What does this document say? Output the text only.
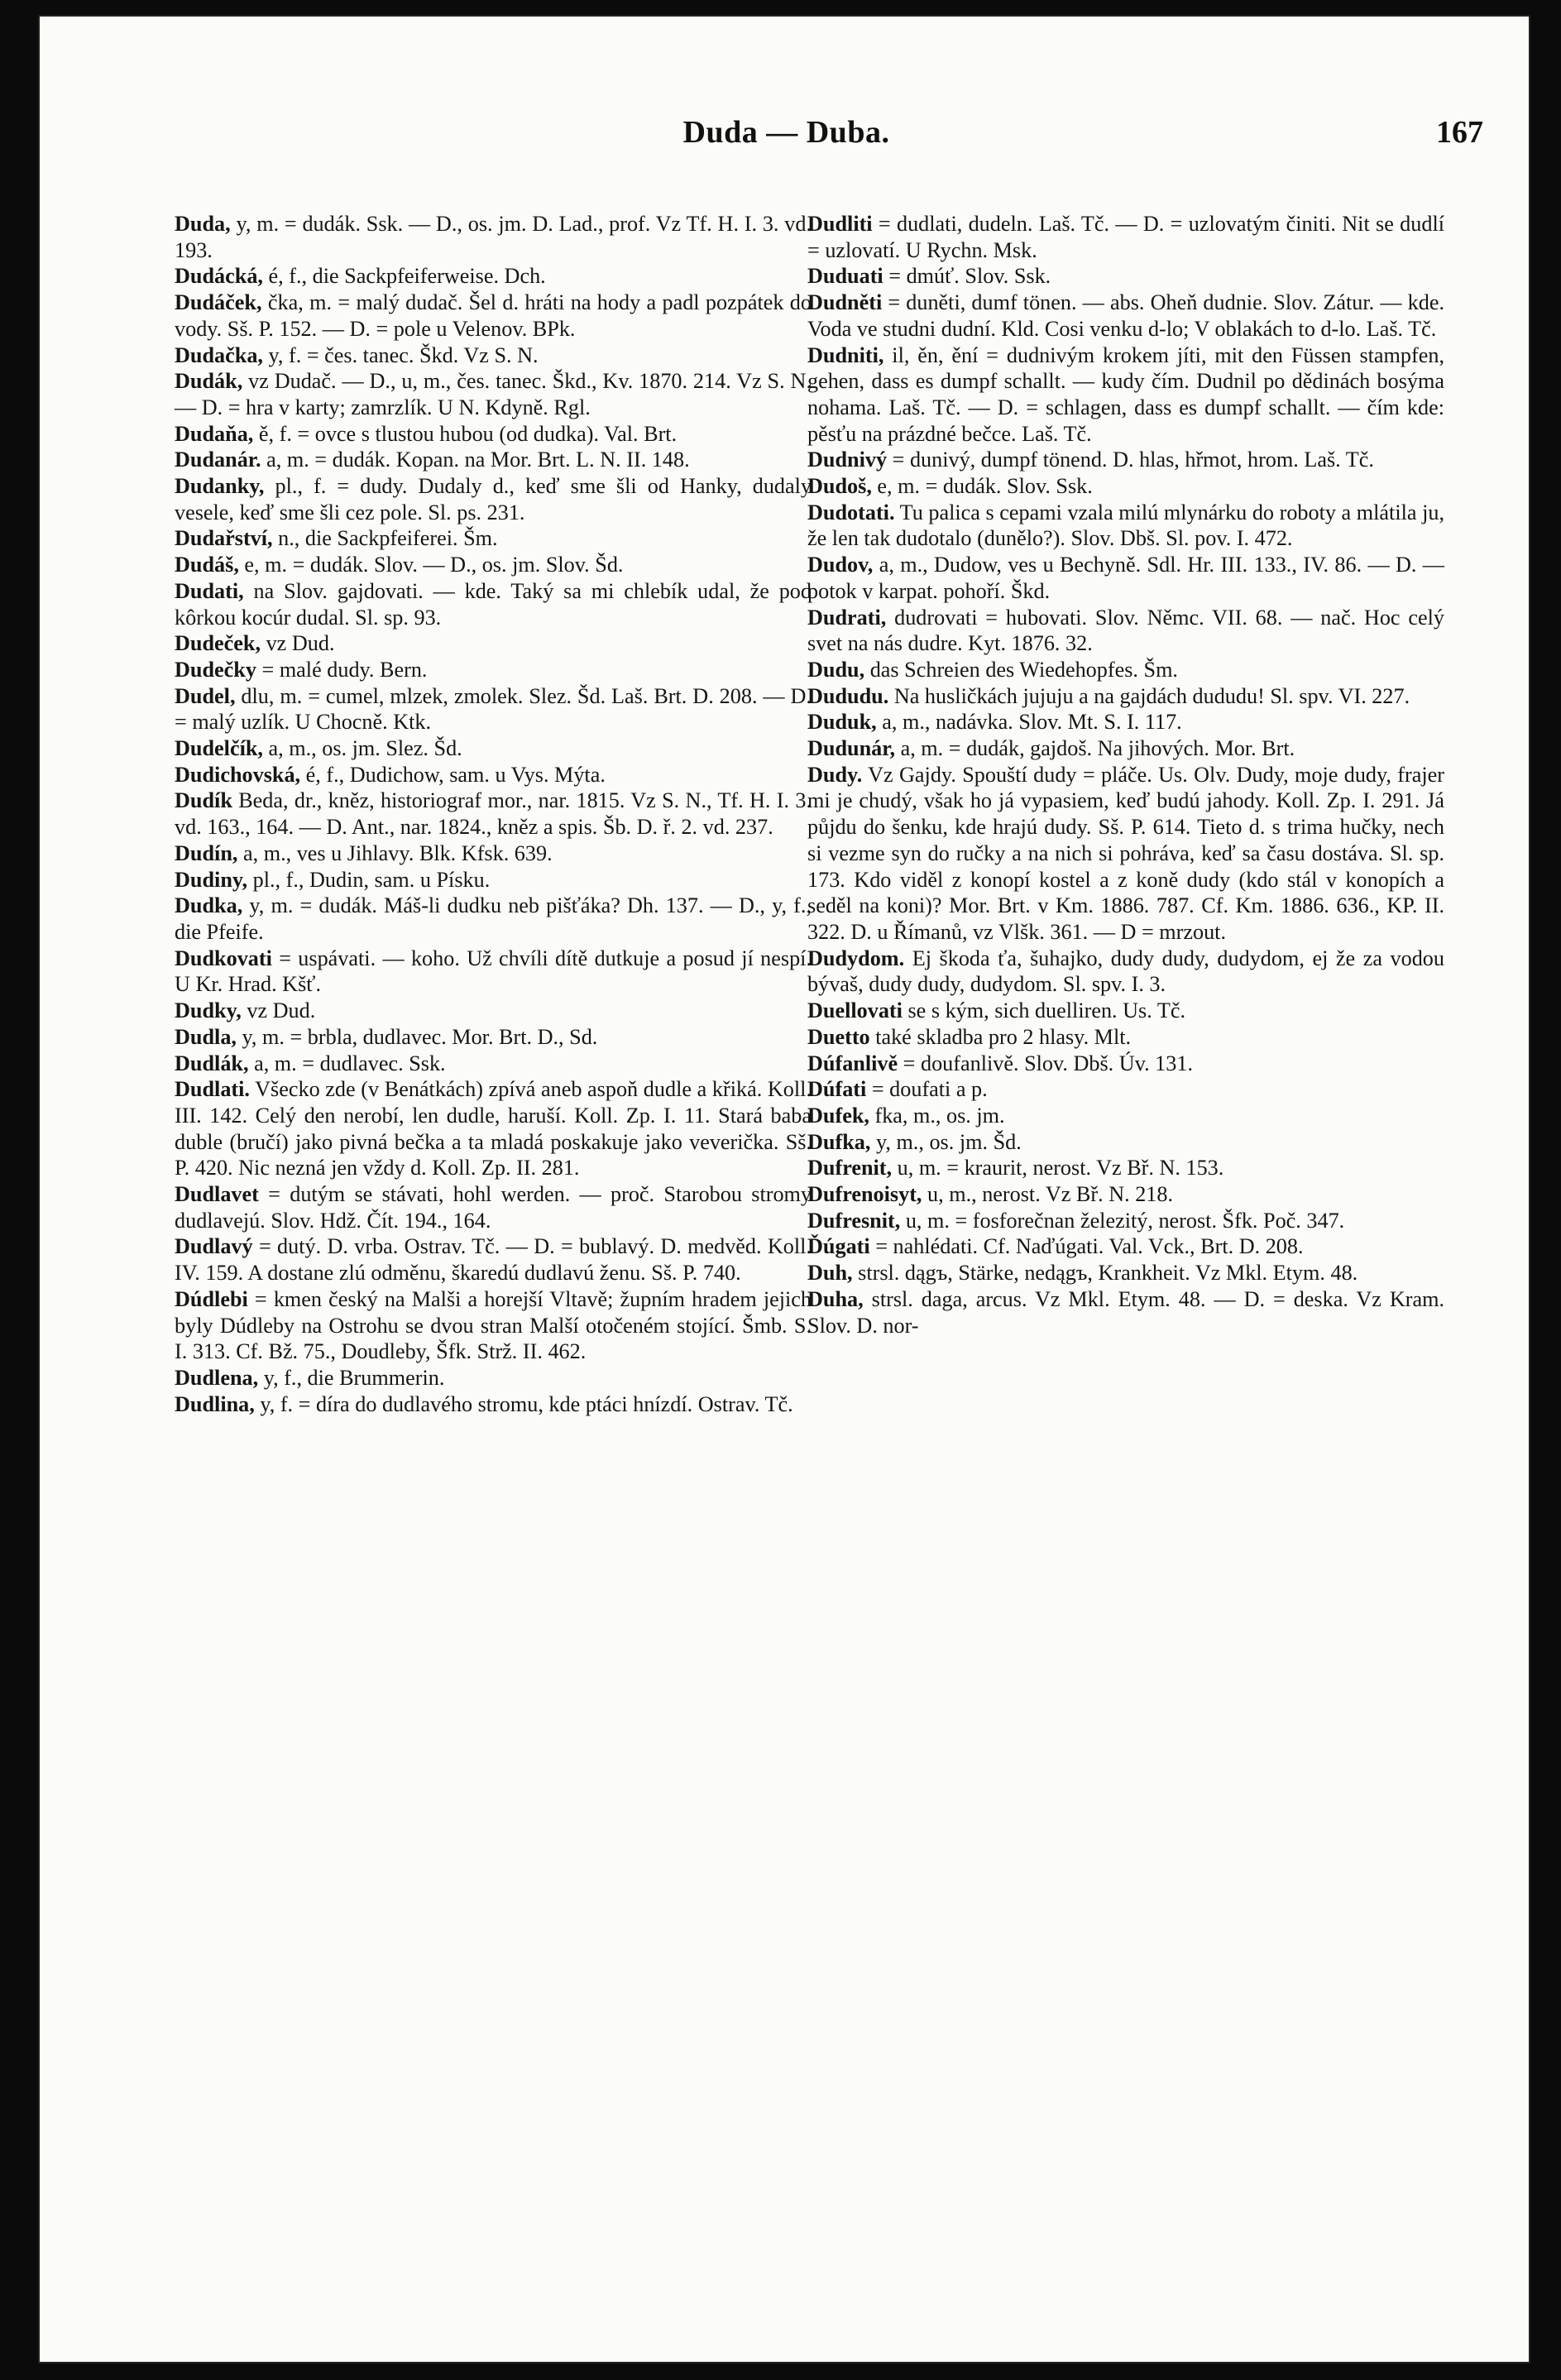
Duda — Duba.	167

Duda, y, m. = dudák. Ssk. — D., os. jm. D. Lad., prof. Vz Tf. H. I. 3. vd. 193.

Dudácká, é, f., die Sackpfeiferweise. Dch.

Dudáček, čka, m. = malý dudač. Šel d. hráti na hody a padl pozpátek do vody. Sš. P. 152. — D. = pole u Velenov. BPk.

Dudačka, y, f. = čes. tanec. Škd. Vz S. N.

Dudák, vz Dudač. — D., u, m., čes. tanec. Škd., Kv. 1870. 214. Vz S. N. — D. = hra v karty; zamrzlík. U N. Kdyně. Rgl.

Dudaňa, ě, f. = ovce s tlustou hubou (od dudka). Val. Brt.

Dudanár. a, m. = dudák. Kopan. na Mor. Brt. L. N. II. 148.

Dudanky, pl., f. = dudy. Dudaly d., keď sme šli od Hanky, dudaly vesele, keď sme šli cez pole. Sl. ps. 231.

Dudařství, n., die Sackpfeiferei. Šm.

Dudáš, e, m. = dudák. Slov. — D., os. jm. Slov. Šd.

Dudati, na Slov. gajdovati. — kde. Taký sa mi chlebík udal, že pod kôrkou kocúr dudal. Sl. sp. 93.

Dudeček, vz Dud.

Dudečky = malé dudy. Bern.

Dudel, dlu, m. = cumel, mlzek, zmolek. Slez. Šd. Laš. Brt. D. 208. — D. = malý uzlík. U Chocně. Ktk.

Dudelčík, a, m., os. jm. Slez. Šd.

Dudichovská, é, f., Dudichow, sam. u Vys. Mýta.

Dudík Beda, dr., kněz, historiograf mor., nar. 1815. Vz S. N., Tf. H. I. 3. vd. 163., 164. — D. Ant., nar. 1824., kněz a spis. Šb. D. ř. 2. vd. 237.

Dudín, a, m., ves u Jihlavy. Blk. Kfsk. 639.

Dudiny, pl., f., Dudin, sam. u Písku.

Dudka, y, m. = dudák. Máš-li dudku neb pišťáka? Dh. 137. — D., y, f., die Pfeife.

Dudkovati = uspávati. — koho. Už chvíli dítě dutkuje a posud jí nespí. U Kr. Hrad. Kšť.

Dudky, vz Dud.

Dudla, y, m. = brbla, dudlavec. Mor. Brt. D., Sd.

Dudlák, a, m. = dudlavec. Ssk.

Dudlati. Všecko zde (v Benátkách) zpívá aneb aspoň dudle a křiká. Koll. III. 142. Celý den nerobí, len dudle, haruší. Koll. Zp. I. 11. Stará baba duble (bručí) jako pivná bečka a ta mladá poskakuje jako veverička. Sš. P. 420. Nic nezná jen vždy d. Koll. Zp. II. 281.

Dudlavet = dutým se stávati, hohl werden. — proč. Starobou stromy dudlavejú. Slov. Hdž. Čít. 194., 164.

Dudlavý = dutý. D. vrba. Ostrav. Tč. — D. = bublavý. D. medvěd. Koll. IV. 159. A dostane zlú odměnu, škaredú dudlavú ženu. Sš. P. 740.

Dúdlebi = kmen český na Malši a horejší Vltavě; župním hradem jejich byly Dúdleby na Ostrohu se dvou stran Malší otočeném stojící. Šmb. S. I. 313. Cf. Bž. 75., Doudleby, Šfk. Strž. II. 462.

Dudlena, y, f., die Brummerin.

Dudlina, y, f. = díra do dudlavého stromu, kde ptáci hnízdí. Ostrav. Tč.

Dudliti = dudlati, dudeln. Laš. Tč. — D. = uzlovatým činiti. Nit se dudlí = uzlovatí. U Rychn. Msk.

Duduati = dmúť. Slov. Ssk.

Dudněti = duněti, dumf tönen. — abs. Oheň dudnie. Slov. Zátur. — kde. Voda ve studni dudní. Kld. Cosi venku d-lo; V oblakách to d-lo. Laš. Tč.

Dudniti, il, ěn, ění = dudnivým krokem jíti, mit den Füssen stampfen, gehen, dass es dumpf schallt. — kudy čím. Dudnil po dědinách bosýma nohama. Laš. Tč. — D. = schlagen, dass es dumpf schallt. — čím kde: pěsťu na prázdné bečce. Laš. Tč.

Dudnivý = dunivý, dumpf tönend. D. hlas, hřmot, hrom. Laš. Tč.

Dudoš, e, m. = dudák. Slov. Ssk.

Dudotati. Tu palica s cepami vzala milú mlynárku do roboty a mlátila ju, že len tak dudotalo (dunělo?). Slov. Dbš. Sl. pov. I. 472.

Dudov, a, m., Dudow, ves u Bechyně. Sdl. Hr. III. 133., IV. 86. — D. — potok v karpat. pohoří. Škd.

Dudrati, dudrovati = hubovati. Slov. Němc. VII. 68. — nač. Hoc celý svet na nás dudre. Kyt. 1876. 32.

Dudu, das Schreien des Wiedehopfes. Šm.

Dududu. Na husličkách jujuju a na gajdách dududu! Sl. spv. VI. 227.

Duduk, a, m., nadávka. Slov. Mt. S. I. 117.

Dudunár, a, m. = dudák, gajdoš. Na jihových. Mor. Brt.

Dudy. Vz Gajdy. Spouští dudy = pláče. Us. Olv. Dudy, moje dudy, frajer mi je chudý, však ho já vypasiem, keď budú jahody. Koll. Zp. I. 291. Já půjdu do šenku, kde hrajú dudy. Sš. P. 614. Tieto d. s trima hučky, nech si vezme syn do ručky a na nich si pohráva, keď sa času dostáva. Sl. sp. 173. Kdo viděl z konopí kostel a z koně dudy (kdo stál v konopích a seděl na koni)? Mor. Brt. v Km. 1886. 787. Cf. Km. 1886. 636., KP. II. 322. D. u Římanů, vz Vlšk. 361. — D = mrzout.

Dudydom. Ej škoda ťa, šuhajko, dudy dudy, dudydom, ej že za vodou bývaš, dudy dudy, dudydom. Sl. spv. I. 3.

Duellovati se s kým, sich duelliren. Us. Tč.

Duetto také skladba pro 2 hlasy. Mlt.

Dúfanlivě = doufanlivě. Slov. Dbš. Úv. 131.

Dúfati = doufati a p.

Dufek, fka, m., os. jm.

Dufka, y, m., os. jm. Šd.

Dufrenit, u, m. = kraurit, nerost. Vz Bř. N. 153.

Dufrenoisyt, u, m., nerost. Vz Bř. N. 218.

Dufresnit, u, m. = fosforečnan železitý, nerost. Šfk. Poč. 347.

Ďúgati = nahlédati. Cf. Naďúgati. Val. Vck., Brt. D. 208.

Duh, strsl. dągъ, Stärke, nedągъ, Krankheit. Vz Mkl. Etym. 48.

Duha, strsl. daga, arcus. Vz Mkl. Etym. 48. — D. = deska. Vz Kram. Slov. D. nor-
